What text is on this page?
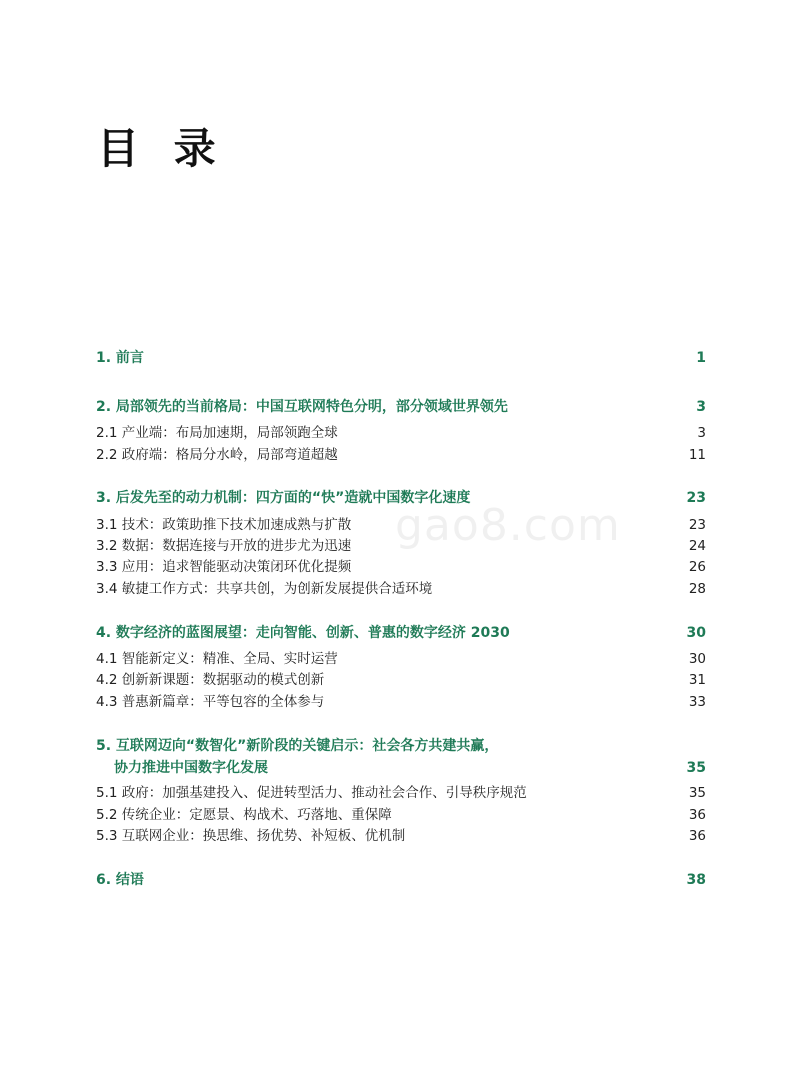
目 录
gao8.com
1. 前言	1
2. 局部领先的当前格局：中国互联网特色分明，部分领域世界领先	3
2.1 产业端：布局加速期，局部领跑全球	3
2.2 政府端：格局分水岭，局部弯道超越	11
3. 后发先至的动力机制：四方面的“快”造就中国数字化速度	23
3.1 技术：政策助推下技术加速成熟与扩散	23
3.2 数据：数据连接与开放的进步尤为迅速	24
3.3 应用：追求智能驱动决策闭环优化提频	26
3.4 敏捷工作方式：共享共创，为创新发展提供合适环境	28
4. 数字经济的蓝图展望：走向智能、创新、普惠的数字经济 2030	30
4.1 智能新定义：精准、全局、实时运营	30
4.2 创新新课题：数据驱动的模式创新	31
4.3 普惠新篇章：平等包容的全体参与	33
5. 互联网迈向“数智化”新阶段的关键启示：社会各方共建共赢，
协力推进中国数字化发展	35
5.1 政府：加强基建投入、促进转型活力、推动社会合作、引导秩序规范	35
5.2 传统企业：定愿景、构战术、巧落地、重保障	36
5.3 互联网企业：换思维、扬优势、补短板、优机制	36
6. 结语	38
